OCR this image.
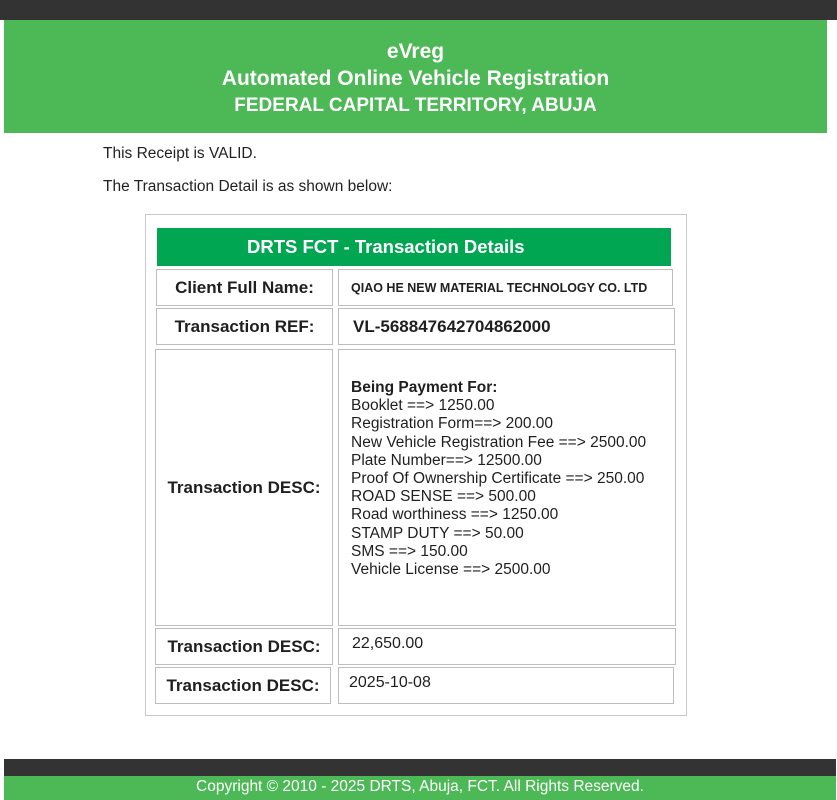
eVreg
Automated Online Vehicle Registration
FEDERAL CAPITAL TERRITORY, ABUJA
This Receipt is VALID.
The Transaction Detail is as shown below:
DRTS FCT - Transaction Details
Client Full Name:	QIAO HE NEW MATERIAL TECHNOLOGY CO. LTD
Transaction REF:	VL-568847642704862000
Transaction DESC:
Being Payment For:
Booklet ==> 1250.00
Registration Form==> 200.00
New Vehicle Registration Fee ==> 2500.00
Plate Number==> 12500.00
Proof Of Ownership Certificate ==> 250.00
ROAD SENSE ==> 500.00
Road worthiness ==> 1250.00
STAMP DUTY ==> 50.00
SMS ==> 150.00
Vehicle License ==> 2500.00
Transaction DESC:	22,650.00
Transaction DESC:	2025-10-08
Copyright © 2010 - 2025 DRTS, Abuja, FCT. All Rights Reserved.
